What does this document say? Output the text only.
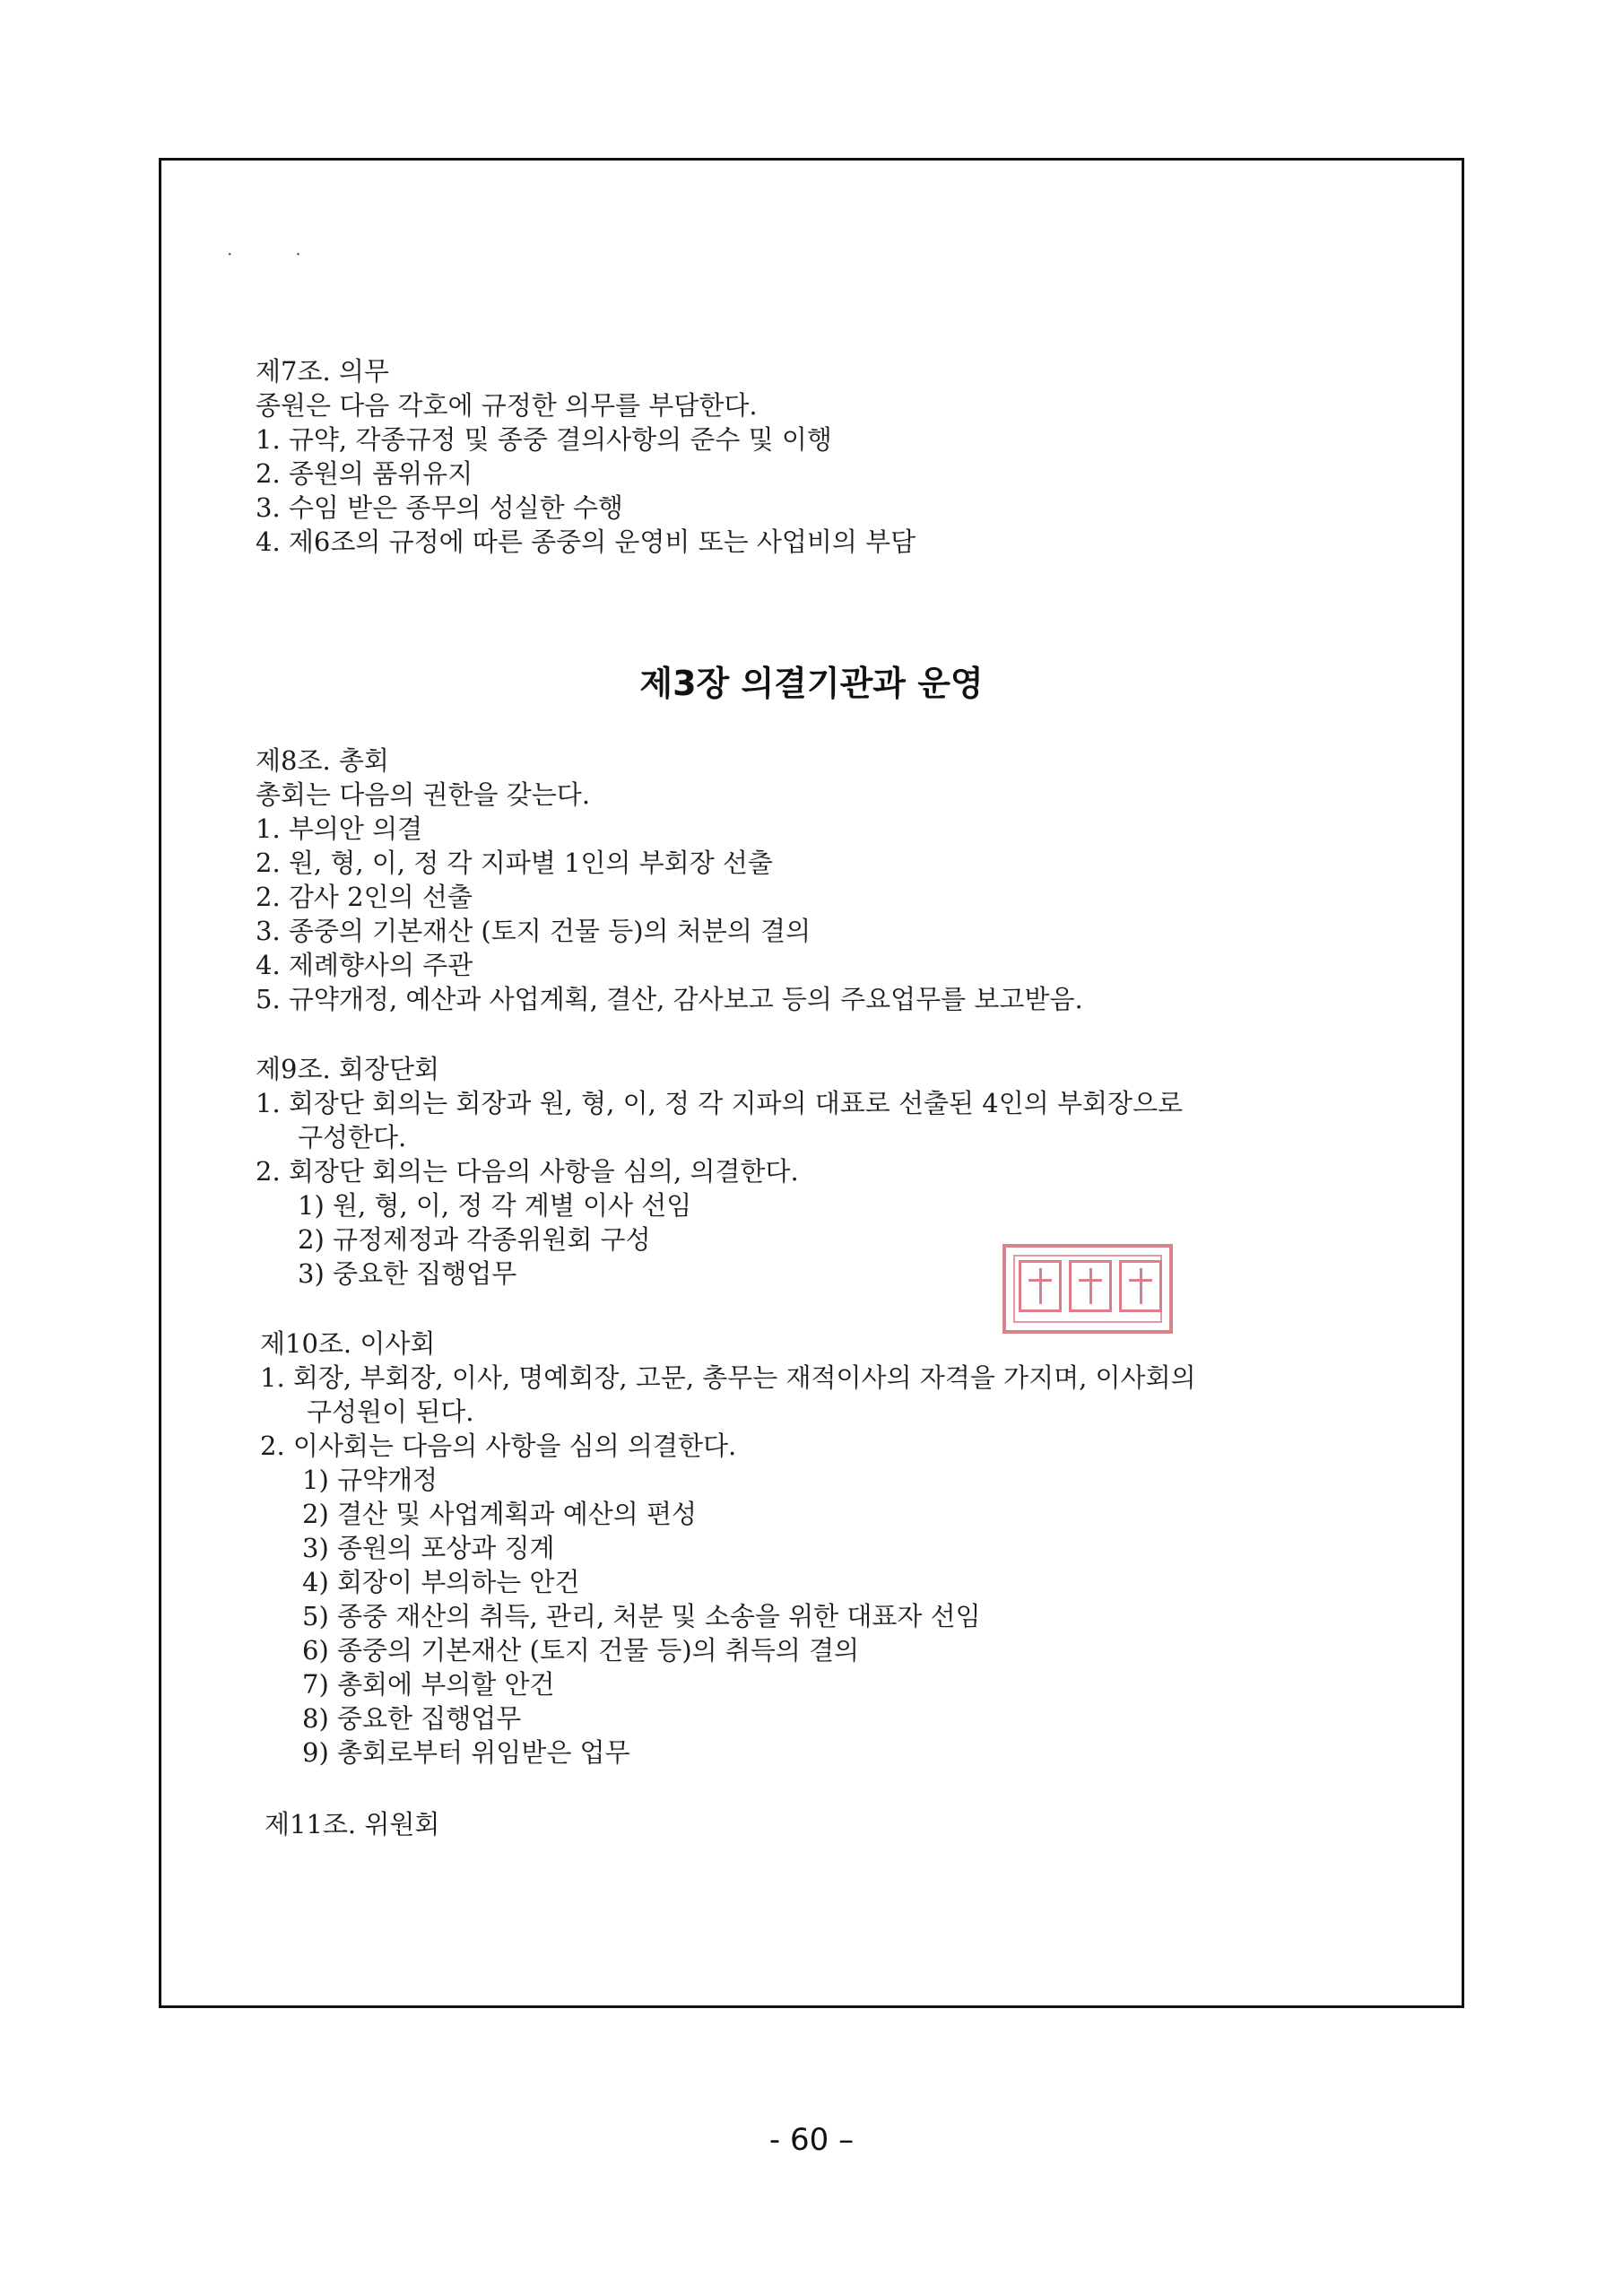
··
제7조. 의무
종원은 다음 각호에 규정한 의무를 부담한다.
1. 규약, 각종규정 및 종중 결의사항의 준수 및 이행
2. 종원의 품위유지
3. 수임 받은 종무의 성실한 수행
4. 제6조의 규정에 따른 종중의 운영비 또는 사업비의 부담
제3장 의결기관과 운영
제8조. 총회
총회는 다음의 권한을 갖는다.
1. 부의안 의결
2. 원, 형, 이, 정 각 지파별 1인의 부회장 선출
2. 감사 2인의 선출
3. 종중의 기본재산 (토지 건물 등)의 처분의 결의
4. 제례향사의 주관
5. 규약개정, 예산과 사업계획, 결산, 감사보고 등의 주요업무를 보고받음.
제9조. 회장단회
1. 회장단 회의는 회장과 원, 형, 이, 정 각 지파의 대표로 선출된 4인의 부회장으로
구성한다.
2. 회장단 회의는 다음의 사항을 심의, 의결한다.
1) 원, 형, 이, 정 각 계별 이사 선임
2) 규정제정과 각종위원회 구성
3) 중요한 집행업무
제10조. 이사회
1. 회장, 부회장, 이사, 명예회장, 고문, 총무는 재적이사의 자격을 가지며, 이사회의
구성원이 된다.
2. 이사회는 다음의 사항을 심의 의결한다.
1) 규약개정
2) 결산 및 사업계획과 예산의 편성
3) 종원의 포상과 징계
4) 회장이 부의하는 안건
5) 종중 재산의 취득, 관리, 처분 및 소송을 위한 대표자 선임
6) 종중의 기본재산 (토지 건물 등)의 취득의 결의
7) 총회에 부의할 안건
8) 중요한 집행업무
9) 총회로부터 위임받은 업무
제11조. 위원회
- 60 –
